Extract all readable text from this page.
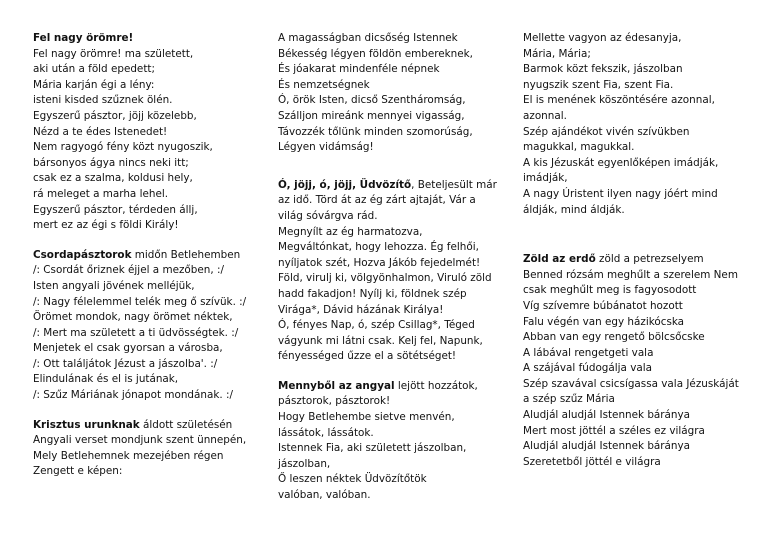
Fel nagy örömre!
Fel nagy örömre! ma született,
aki után a föld epedett;
Mária karján égi a lény:
isteni kisded szűznek ölén.
Egyszerű pásztor, jöjj közelebb,
Nézd a te édes Istenedet!
Nem ragyogó fény közt nyugoszik,
bársonyos ágya nincs neki itt;
csak ez a szalma, koldusi hely,
rá meleget a marha lehel.
Egyszerű pásztor, térdeden állj,
mert ez az égi s földi Király!
Csordapásztorok midőn Betlehemben
/: Csordát őriznek éjjel a mezőben, :/
Isten angyali jövének melléjük,
/: Nagy félelemmel telék meg ő szívük. :/
Örömet mondok, nagy örömet néktek,
/: Mert ma született a ti üdvösségtek. :/
Menjetek el csak gyorsan a városba,
/: Ott találjátok Jézust a jászolba'. :/
Elindulának és el is jutának,
/: Szűz Máriának jónapot mondának. :/
Krisztus urunknak áldott születésén
Angyali verset mondjunk szent ünnepén,
Mely Betlehemnek mezejében régen
Zengett e képen:
A magasságban dicsőség Istennek
Békesség légyen földön embereknek,
És jóakarat mindenféle népnek
És nemzetségnek
Ó, örök Isten, dicső Szentháromság,
Szálljon mireánk mennyei vigasság,
Távozzék tőlünk minden szomorúság,
Légyen vidámság!
Ó, jöjj, ó, jöjj, Üdvözítő, Beteljesült már
az idő. Törd át az ég zárt ajtaját, Vár a
világ sóvárgva rád.
Megnyílt az ég harmatozva,
Megváltónkat, hogy lehozza. Ég felhői,
nyíljatok szét, Hozva Jákób fejedelmét!
Föld, virulj ki, völgyönhalmon, Viruló zöld
hadd fakadjon! Nyílj ki, földnek szép
Virága*, Dávid házának Királya!
Ó, fényes Nap, ó, szép Csillag*, Téged
vágyunk mi látni csak. Kelj fel, Napunk,
fényességed űzze el a sötétséget!
Mennyből az angyal lejött hozzátok,
pásztorok, pásztorok!
Hogy Betlehembe sietve menvén,
lássátok, lássátok.
Istennek Fia, aki született jászolban,
jászolban,
Ő leszen néktek Üdvözítőtök
valóban, valóban.
Mellette vagyon az édesanyja,
Mária, Mária;
Barmok közt fekszik, jászolban
nyugszik szent Fia, szent Fia.
El is menének köszöntésére azonnal,
azonnal.
Szép ajándékot vivén szívükben
magukkal, magukkal.
A kis Jézuskát egyenlőképen imádják,
imádják,
A nagy Úristent ilyen nagy jóért mind
áldják, mind áldják.
Zöld az erdő zöld a petrezselyem
Benned rózsám meghűlt a szerelem Nem
csak meghűlt meg is fagyosodott
Víg szívemre búbánatot hozott
Falu végén van egy házikócska
Abban van egy rengető bölcsőcske
A lábával rengetgeti vala
A szájával fúdogálja vala
Szép szavával csicsígassa vala Jézuskáját
a szép szűz Mária
Aludjál aludjál Istennek báránya
Mert most jöttél a széles ez világra
Aludjál aludjál Istennek báránya
Szeretetből jöttél e világra
